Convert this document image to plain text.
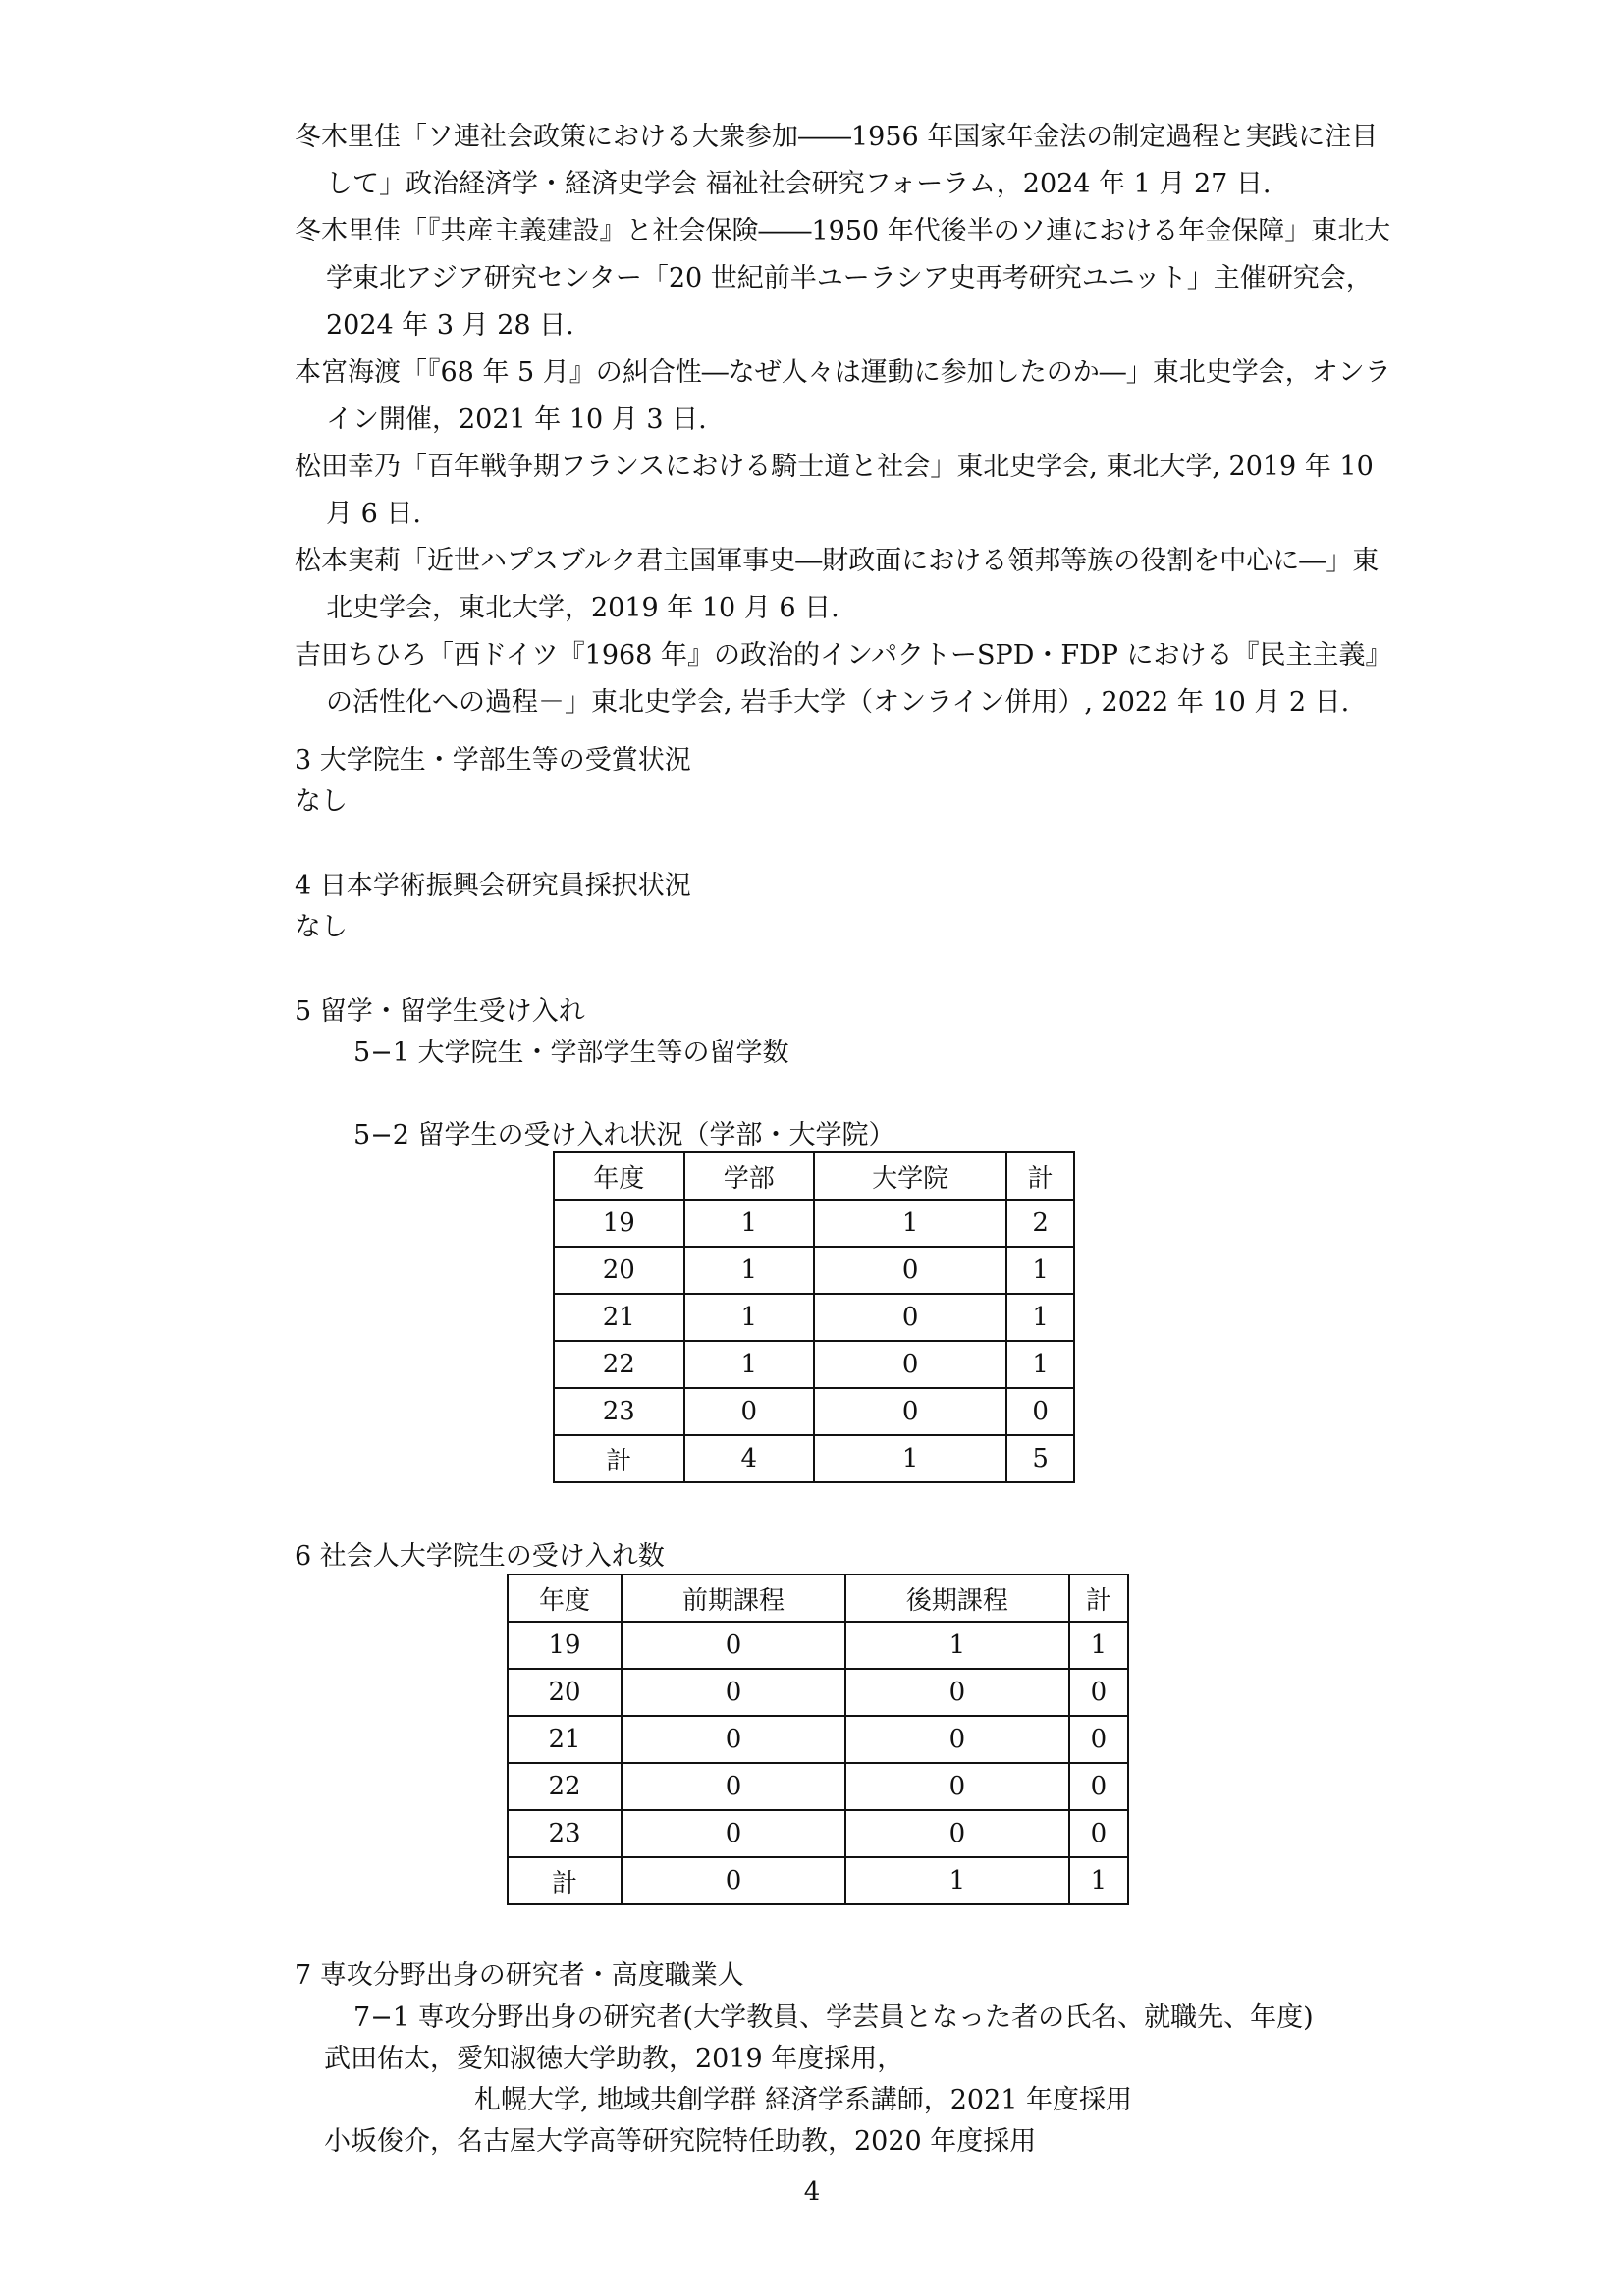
冬木里佳「ソ連社会政策における大衆参加――1956 年国家年金法の制定過程と実践に注目して」政治経済学・経済史学会 福祉社会研究フォーラム，2024 年 1 月 27 日.

冬木里佳「『共産主義建設』と社会保険――1950 年代後半のソ連における年金保障」東北大学東北アジア研究センター「20 世紀前半ユーラシア史再考研究ユニット」主催研究会，2024 年 3 月 28 日.

本宮海渡「『68 年 5 月』の糾合性―なぜ人々は運動に参加したのか―」東北史学会，オンライン開催，2021 年 10 月 3 日.

松田幸乃「百年戦争期フランスにおける騎士道と社会」東北史学会, 東北大学, 2019 年 10 月 6 日.

松本実莉「近世ハプスブルク君主国軍事史―財政面における領邦等族の役割を中心に―」東北史学会，東北大学，2019 年 10 月 6 日.

吉田ちひろ「西ドイツ『1968 年』の政治的インパクトーSPD・FDP における『民主主義』の活性化への過程－」東北史学会, 岩手大学（オンライン併用）, 2022 年 10 月 2 日.

3 大学院生・学部生等の受賞状況

なし

4 日本学術振興会研究員採択状況

なし

5 留学・留学生受け入れ

5−1 大学院生・学部学生等の留学数

5−2 留学生の受け入れ状況（学部・大学院）

年度	学部	大学院	計
19	1	1	2
20	1	0	1
21	1	0	1
22	1	0	1
23	0	0	0
計	4	1	5

6 社会人大学院生の受け入れ数

年度	前期課程	後期課程	計
19	0	1	1
20	0	0	0
21	0	0	0
22	0	0	0
23	0	0	0
計	0	1	1

7 専攻分野出身の研究者・高度職業人

7−1 専攻分野出身の研究者(大学教員、学芸員となった者の氏名、就職先、年度)

武田佑太，愛知淑徳大学助教，2019 年度採用，

札幌大学, 地域共創学群 経済学系講師，2021 年度採用

小坂俊介，名古屋大学高等研究院特任助教，2020 年度採用

4
